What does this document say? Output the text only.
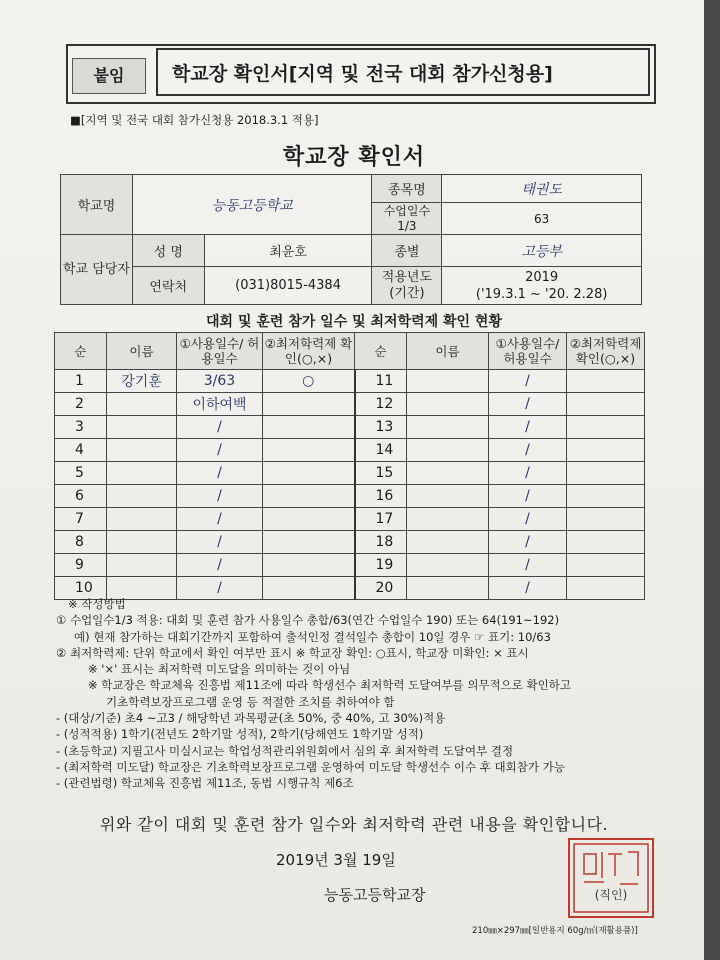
붙임	학교장 확인서[지역 및 전국 대회 참가신청용]
■[지역 및 전국 대회 참가신청용 2018.3.1 적용]
학교장 확인서
학교명	능동고등학교		종목명	태권도
			수업일수 1/3	63
학교 담당자	성 명	최윤호	종별	고등부
	연락처	(031)8015-4384	적용년도 (기간)	2019
('19.3.1 ~ '20. 2.28)
대회 및 훈련 참가 일수 및 최저학력제 확인 현황
순	이름	①사용일수/ 허용일수	②최저학력제 확인(○,×)	순	이름	①사용일수/ 허용일수	②최저학력제 확인(○,×)
1	강기훈	3/63	○	11		/	
2		이하여백		12		/	
3		/		13		/	
4		/		14		/	
5		/		15		/	
6		/		16		/	
7		/		17		/	
8		/		18		/	
9		/		19		/	
10		/		20		/	
※ 작성방법
① 수업일수1/3 적용: 대회 및 훈련 참가 사용일수 총합/63(연간 수업일수 190) 또는 64(191~192)
예) 현재 참가하는 대회기간까지 포함하여 출석인정 결석일수 총합이 10일 경우 ☞ 표기: 10/63
② 최저학력제: 단위 학교에서 확인 여부만 표시 ※ 학교장 확인: ○표시, 학교장 미확인: × 표시
※ '×' 표시는 최저학력 미도달을 의미하는 것이 아님
※ 학교장은 학교체육 진흥법 제11조에 따라 학생선수 최저학력 도달여부를 의무적으로 확인하고
기초학력보장프로그램 운영 등 적절한 조치를 취하여야 함
- (대상/기준) 초4 ~고3 / 해당학년 과목평균(초 50%, 중 40%, 고 30%)적용
- (성적적용) 1학기(전년도 2학기말 성적), 2학기(당해연도 1학기말 성적)
- (초등학교) 지필고사 미실시교는 학업성적관리위원회에서 심의 후 최저학력 도달여부 결정
- (최저학력 미도달) 학교장은 기초학력보장프로그램 운영하여 미도달 학생선수 이수 후 대회참가 가능
- (관련법령) 학교체육 진흥법 제11조, 동법 시행규칙 제6조
위와 같이 대회 및 훈련 참가 일수와 최저학력 관련 내용을 확인합니다.
2019년 3월 19일
능동고등학교장	(직인)
210㎜×297㎜[일반용지 60g/㎡(재활용품)]
